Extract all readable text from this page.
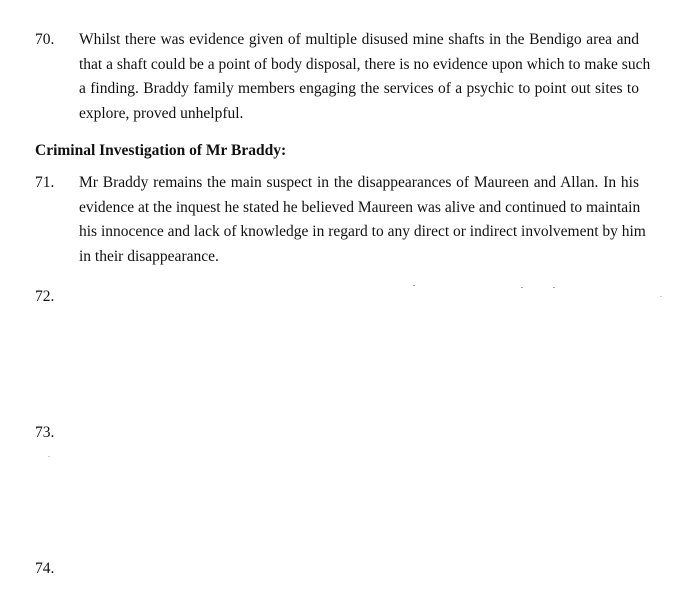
70. Whilst there was evidence given of multiple disused mine shafts in the Bendigo area and
that a shaft could be a point of body disposal, there is no evidence upon which to make such
a finding. Braddy family members engaging the services of a psychic to point out sites to
explore, proved unhelpful.
Criminal Investigation of Mr Braddy:
71. Mr Braddy remains the main suspect in the disappearances of Maureen and Allan. In his
evidence at the inquest he stated he believed Maureen was alive and continued to maintain
his innocence and lack of knowledge in regard to any direct or indirect involvement by him
in their disappearance.
72.
73.
74.
